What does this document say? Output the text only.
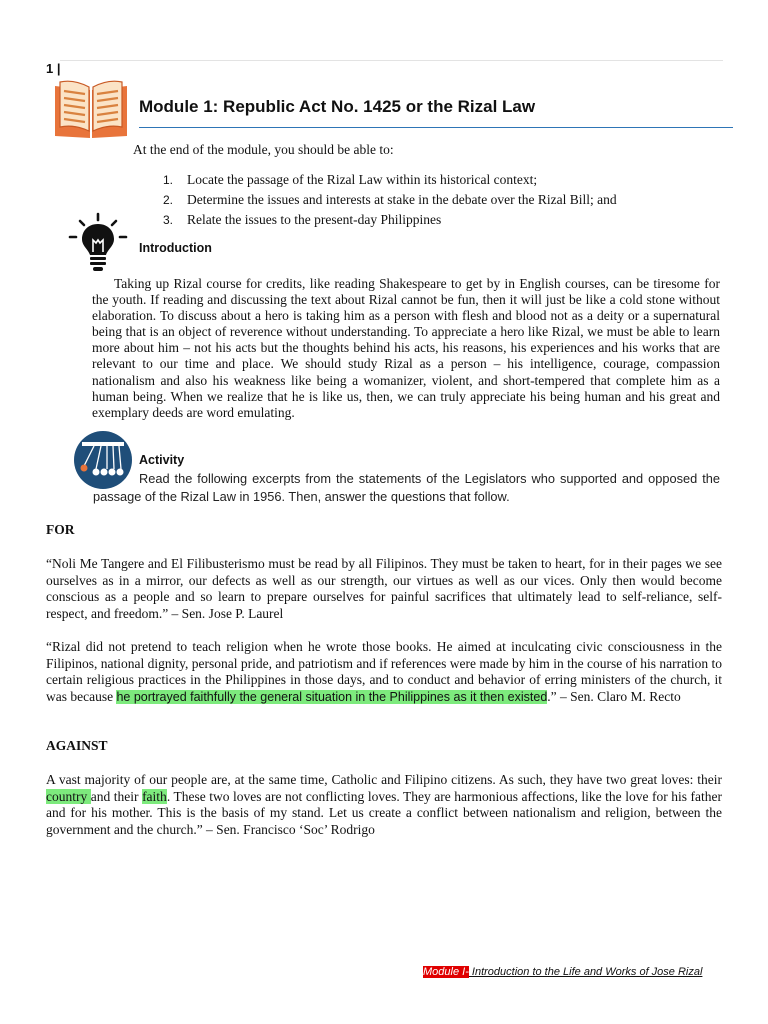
1 |
Module 1: Republic Act No. 1425 or the Rizal Law
At the end of the module, you should be able to:
1. Locate the passage of the Rizal Law within its historical context;
2. Determine the issues and interests at stake in the debate over the Rizal Bill; and
3. Relate the issues to the present-day Philippines
Introduction

Taking up Rizal course for credits, like reading Shakespeare to get by in English courses, can be tiresome for the youth. If reading and discussing the text about Rizal cannot be fun, then it will just be like a cold stone without elaboration. To discuss about a hero is taking him as a person with flesh and blood not as a deity or a supernatural being that is an object of reverence without understanding. To appreciate a hero like Rizal, we must be able to learn more about him – not his acts but the thoughts behind his acts, his reasons, his experiences and his works that are relevant to our time and place. We should study Rizal as a person – his intelligence, courage, compassion nationalism and also his weakness like being a womanizer, violent, and short-tempered that complete him as a human being. When we realize that he is like us, then, we can truly appreciate his being human and his great and exemplary deeds are word emulating.

Activity

Read the following excerpts from the statements of the Legislators who supported and opposed the passage of the Rizal Law in 1956. Then, answer the questions that follow.

FOR

“Noli Me Tangere and El Filibusterismo must be read by all Filipinos. They must be taken to heart, for in their pages we see ourselves as in a mirror, our defects as well as our strength, our virtues as well as our vices. Only then would become conscious as a people and so learn to prepare ourselves for painful sacrifices that ultimately lead to self-reliance, self-respect, and freedom.” – Sen. Jose P. Laurel

“Rizal did not pretend to teach religion when he wrote those books. He aimed at inculcating civic consciousness in the Filipinos, national dignity, personal pride, and patriotism and if references were made by him in the course of his narration to certain religious practices in the Philippines in those days, and to conduct and behavior of erring ministers of the church, it was because he portrayed faithfully the general situation in the Philippines as it then existed.” – Sen. Claro M. Recto

AGAINST

A vast majority of our people are, at the same time, Catholic and Filipino citizens. As such, they have two great loves: their country and their faith. These two loves are not conflicting loves. They are harmonious affections, like the love for his father and for his mother. This is the basis of my stand. Let us create a conflict between nationalism and religion, between the government and the church.” – Sen. Francisco ‘Soc’ Rodrigo

Module I- Introduction to the Life and Works of Jose Rizal
